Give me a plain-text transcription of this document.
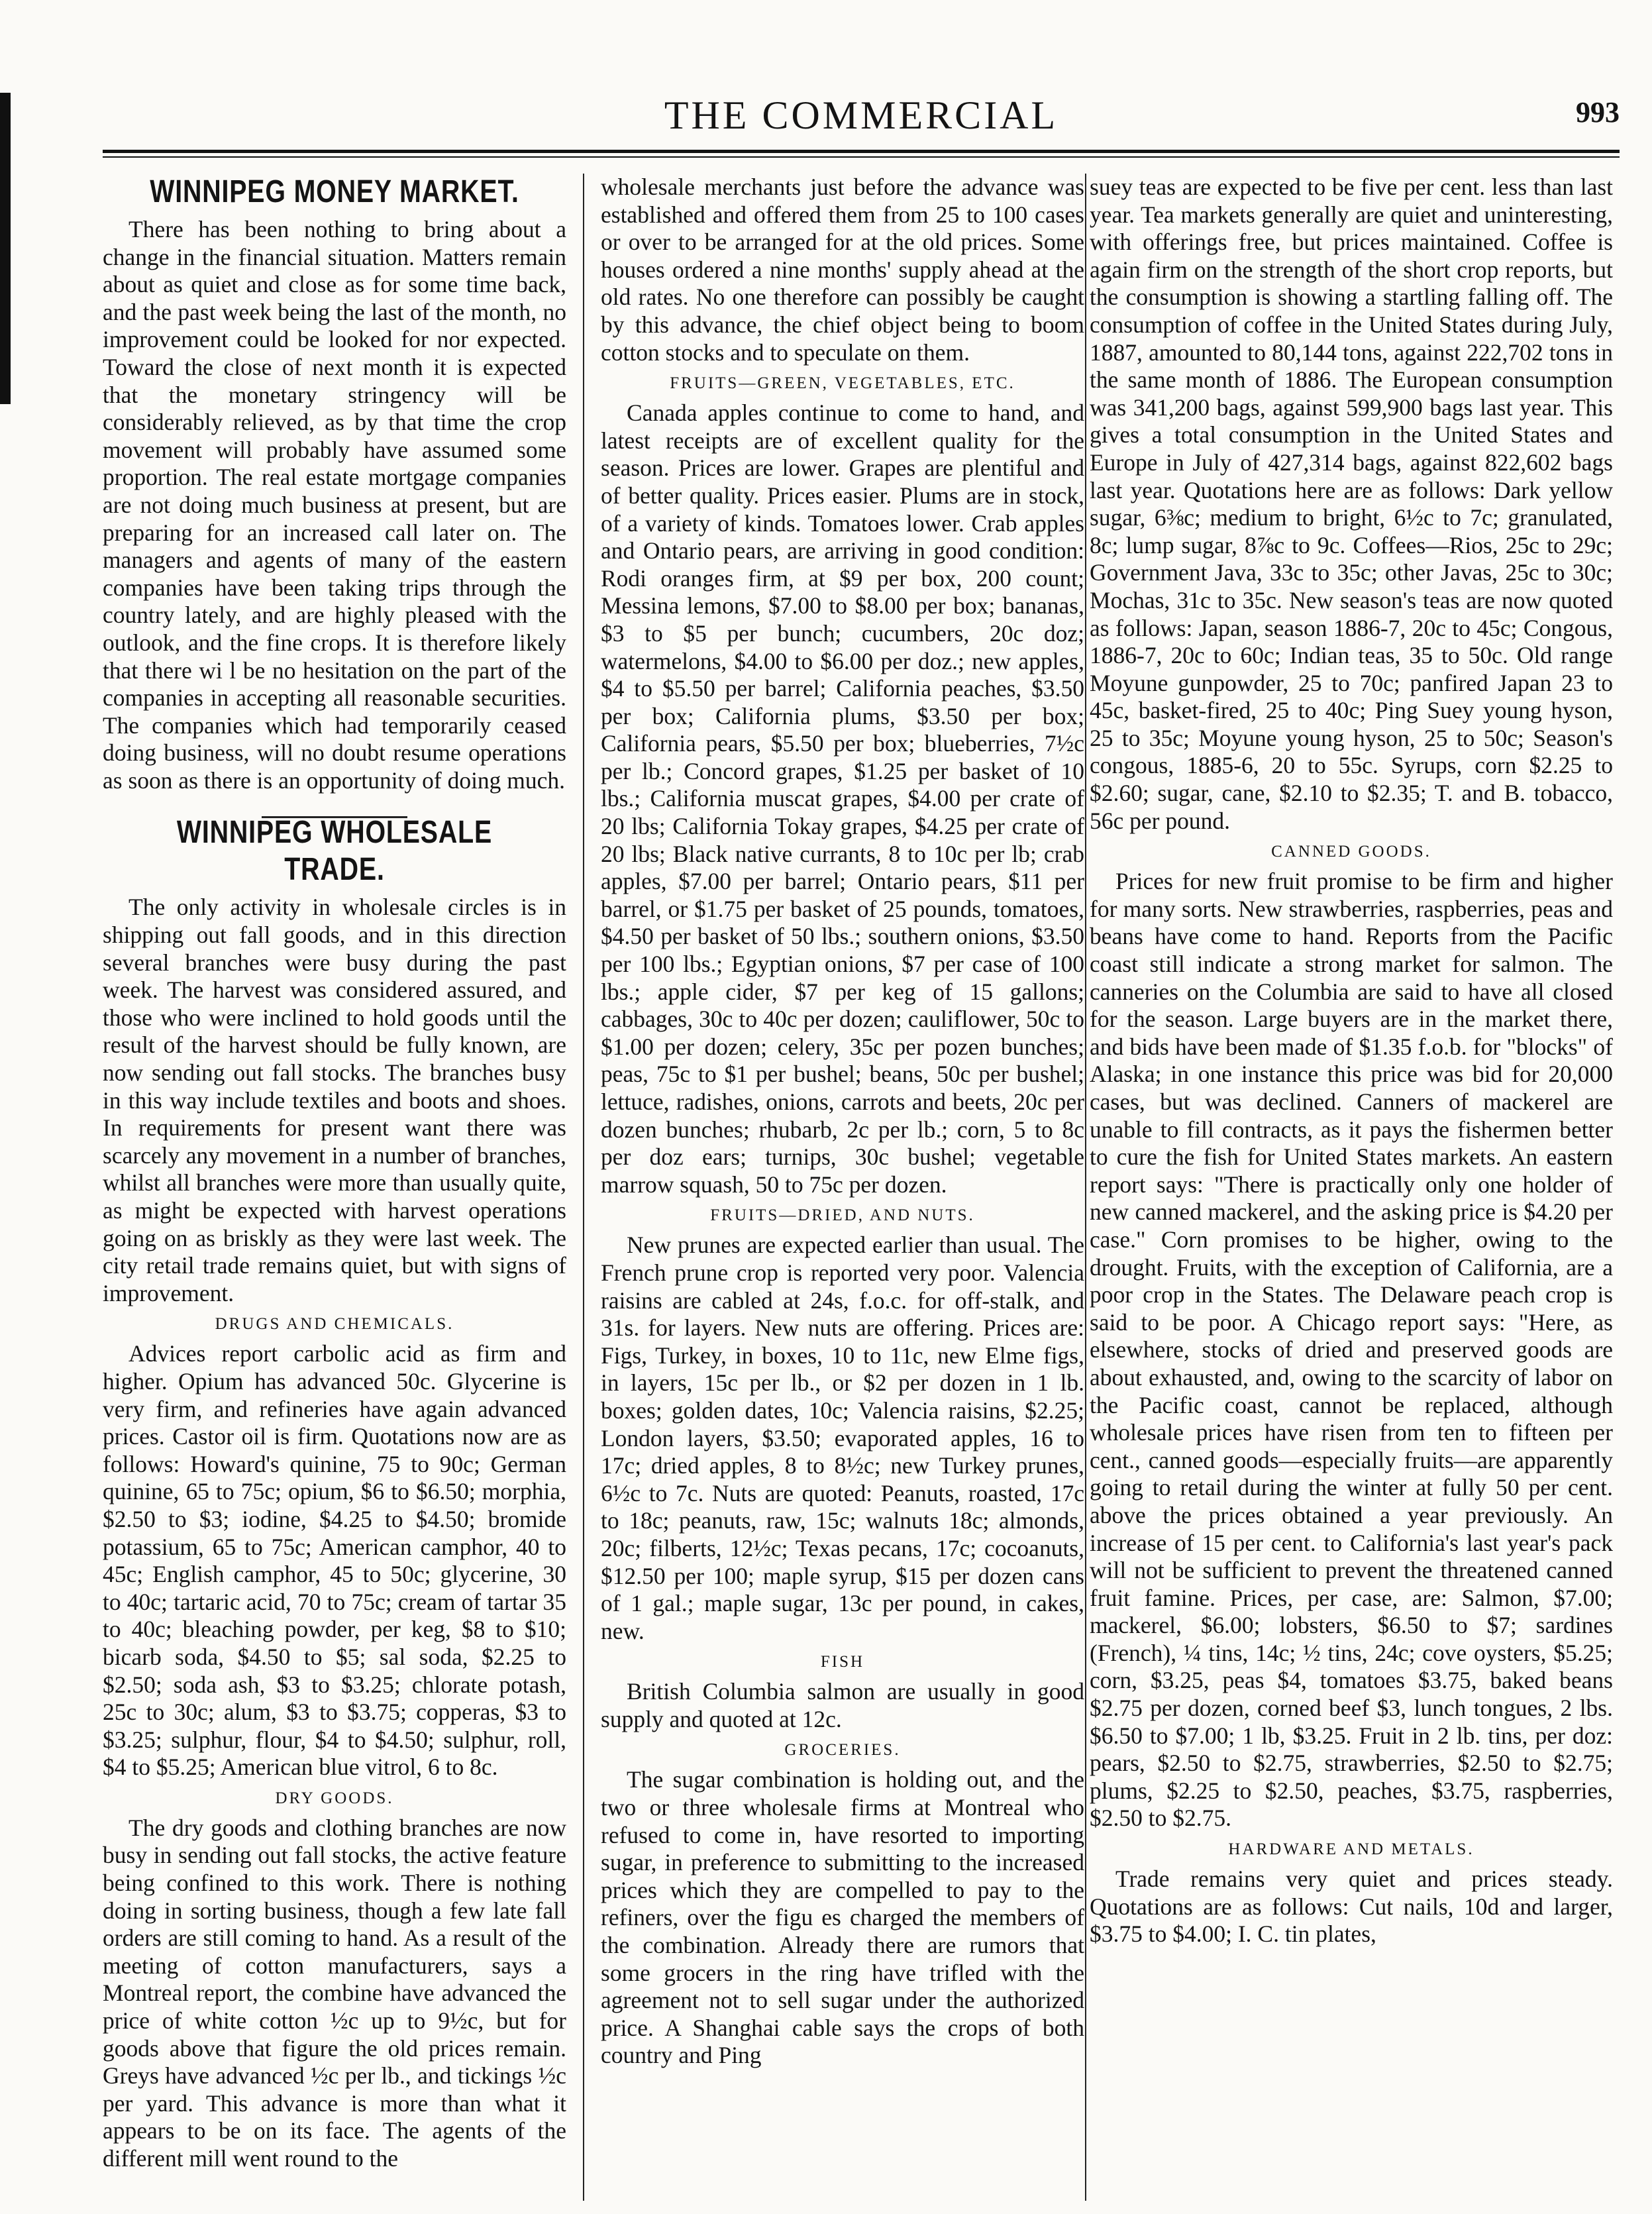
THE COMMERCIAL	993
WINNIPEG MONEY MARKET.

There has been nothing to bring about a change in the financial situation. Matters remain about as quiet and close as for some time back, and the past week being the last of the month, no improvement could be looked for nor expected. Toward the close of next month it is expected that the monetary stringency will be considerably relieved, as by that time the crop movement will probably have assumed some proportion. The real estate mortgage companies are not doing much business at present, but are preparing for an increased call later on. The managers and agents of many of the eastern companies have been taking trips through the country lately, and are highly pleased with the outlook, and the fine crops. It is therefore likely that there wi l be no hesitation on the part of the companies in accepting all reasonable securities. The companies which had temporarily ceased doing business, will no doubt resume operations as soon as there is an opportunity of doing much.

WINNIPEG WHOLESALE TRADE.

The only activity in wholesale circles is in shipping out fall goods, and in this direction several branches were busy during the past week. The harvest was considered assured, and those who were inclined to hold goods until the result of the harvest should be fully known, are now sending out fall stocks. The branches busy in this way include textiles and boots and shoes. In requirements for present want there was scarcely any movement in a number of branches, whilst all branches were more than usually quite, as might be expected with harvest operations going on as briskly as they were last week. The city retail trade remains quiet, but with signs of improvement.

DRUGS AND CHEMICALS.

Advices report carbolic acid as firm and higher. Opium has advanced 50c. Glycerine is very firm, and refineries have again advanced prices. Castor oil is firm. Quotations now are as follows: Howard's quinine, 75 to 90c; German quinine, 65 to 75c; opium, $6 to $6.50; morphia, $2.50 to $3; iodine, $4.25 to $4.50; bromide potassium, 65 to 75c; American camphor, 40 to 45c; English camphor, 45 to 50c; glycerine, 30 to 40c; tartaric acid, 70 to 75c; cream of tartar 35 to 40c; bleaching powder, per keg, $8 to $10; bicarb soda, $4.50 to $5; sal soda, $2.25 to $2.50; soda ash, $3 to $3.25; chlorate potash, 25c to 30c; alum, $3 to $3.75; copperas, $3 to $3.25; sulphur, flour, $4 to $4.50; sulphur, roll, $4 to $5.25; American blue vitrol, 6 to 8c.

DRY GOODS.

The dry goods and clothing branches are now busy in sending out fall stocks, the active feature being confined to this work. There is nothing doing in sorting business, though a few late fall orders are still coming to hand. As a result of the meeting of cotton manufacturers, says a Montreal report, the combine have advanced the price of white cotton ½c up to 9½c, but for goods above that figure the old prices remain. Greys have advanced ½c per lb., and tickings ½c per yard. This advance is more than what it appears to be on its face. The agents of the different mill went round to the

wholesale merchants just before the advance was established and offered them from 25 to 100 cases or over to be arranged for at the old prices. Some houses ordered a nine months' supply ahead at the old rates. No one therefore can possibly be caught by this advance, the chief object being to boom cotton stocks and to speculate on them.

FRUITS—GREEN, VEGETABLES, ETC.

Canada apples continue to come to hand, and latest receipts are of excellent quality for the season. Prices are lower. Grapes are plentiful and of better quality. Prices easier. Plums are in stock, of a variety of kinds. Tomatoes lower. Crab apples and Ontario pears, are arriving in good condition: Rodi oranges firm, at $9 per box, 200 count; Messina lemons, $7.00 to $8.00 per box; bananas, $3 to $5 per bunch; cucumbers, 20c doz; watermelons, $4.00 to $6.00 per doz.; new apples, $4 to $5.50 per barrel; California peaches, $3.50 per box; California plums, $3.50 per box; California pears, $5.50 per box; blueberries, 7½c per lb.; Concord grapes, $1.25 per basket of 10 lbs.; California muscat grapes, $4.00 per crate of 20 lbs; California Tokay grapes, $4.25 per crate of 20 lbs; Black native currants, 8 to 10c per lb; crab apples, $7.00 per barrel; Ontario pears, $11 per barrel, or $1.75 per basket of 25 pounds, tomatoes, $4.50 per basket of 50 lbs.; southern onions, $3.50 per 100 lbs.; Egyptian onions, $7 per case of 100 lbs.; apple cider, $7 per keg of 15 gallons; cabbages, 30c to 40c per dozen; cauliflower, 50c to $1.00 per dozen; celery, 35c per pozen bunches; peas, 75c to $1 per bushel; beans, 50c per bushel; lettuce, radishes, onions, carrots and beets, 20c per dozen bunches; rhubarb, 2c per lb.; corn, 5 to 8c per doz ears; turnips, 30c bushel; vegetable marrow squash, 50 to 75c per dozen.

FRUITS—DRIED, AND NUTS.

New prunes are expected earlier than usual. The French prune crop is reported very poor. Valencia raisins are cabled at 24s, f.o.c. for off-stalk, and 31s. for layers. New nuts are offering. Prices are: Figs, Turkey, in boxes, 10 to 11c, new Elme figs, in layers, 15c per lb., or $2 per dozen in 1 lb. boxes; golden dates, 10c; Valencia raisins, $2.25; London layers, $3.50; evaporated apples, 16 to 17c; dried apples, 8 to 8½c; new Turkey prunes, 6½c to 7c. Nuts are quoted: Peanuts, roasted, 17c to 18c; peanuts, raw, 15c; walnuts 18c; almonds, 20c; filberts, 12½c; Texas pecans, 17c; cocoanuts, $12.50 per 100; maple syrup, $15 per dozen cans of 1 gal.; maple sugar, 13c per pound, in cakes, new.

FISH

British Columbia salmon are usually in good supply and quoted at 12c.

GROCERIES.

The sugar combination is holding out, and the two or three wholesale firms at Montreal who refused to come in, have resorted to importing sugar, in preference to submitting to the increased prices which they are compelled to pay to the refiners, over the figu es charged the members of the combination. Already there are rumors that some grocers in the ring have trifled with the agreement not to sell sugar under the authorized price. A Shanghai cable says the crops of both country and Ping

suey teas are expected to be five per cent. less than last year. Tea markets generally are quiet and uninteresting, with offerings free, but prices maintained. Coffee is again firm on the strength of the short crop reports, but the consumption is showing a startling falling off. The consumption of coffee in the United States during July, 1887, amounted to 80,144 tons, against 222,702 tons in the same month of 1886. The European consumption was 341,200 bags, against 599,900 bags last year. This gives a total consumption in the United States and Europe in July of 427,314 bags, against 822,602 bags last year. Quotations here are as follows: Dark yellow sugar, 6⅜c; medium to bright, 6½c to 7c; granulated, 8c; lump sugar, 8⅞c to 9c. Coffees—Rios, 25c to 29c; Government Java, 33c to 35c; other Javas, 25c to 30c; Mochas, 31c to 35c. New season's teas are now quoted as follows: Japan, season 1886-7, 20c to 45c; Congous, 1886-7, 20c to 60c; Indian teas, 35 to 50c. Old range Moyune gunpowder, 25 to 70c; panfired Japan 23 to 45c, basket-fired, 25 to 40c; Ping Suey young hyson, 25 to 35c; Moyune young hyson, 25 to 50c; Season's congous, 1885-6, 20 to 55c. Syrups, corn $2.25 to $2.60; sugar, cane, $2.10 to $2.35; T. and B. tobacco, 56c per pound.

CANNED GOODS.

Prices for new fruit promise to be firm and higher for many sorts. New strawberries, raspberries, peas and beans have come to hand. Reports from the Pacific coast still indicate a strong market for salmon. The canneries on the Columbia are said to have all closed for the season. Large buyers are in the market there, and bids have been made of $1.35 f.o.b. for "blocks" of Alaska; in one instance this price was bid for 20,000 cases, but was declined. Canners of mackerel are unable to fill contracts, as it pays the fishermen better to cure the fish for United States markets. An eastern report says: "There is practically only one holder of new canned mackerel, and the asking price is $4.20 per case." Corn promises to be higher, owing to the drought. Fruits, with the exception of California, are a poor crop in the States. The Delaware peach crop is said to be poor. A Chicago report says: "Here, as elsewhere, stocks of dried and preserved goods are about exhausted, and, owing to the scarcity of labor on the Pacific coast, cannot be replaced, although wholesale prices have risen from ten to fifteen per cent., canned goods—especially fruits—are apparently going to retail during the winter at fully 50 per cent. above the prices obtained a year previously. An increase of 15 per cent. to California's last year's pack will not be sufficient to prevent the threatened canned fruit famine. Prices, per case, are: Salmon, $7.00; mackerel, $6.00; lobsters, $6.50 to $7; sardines (French), ¼ tins, 14c; ½ tins, 24c; cove oysters, $5.25; corn, $3.25, peas $4, tomatoes $3.75, baked beans $2.75 per dozen, corned beef $3, lunch tongues, 2 lbs. $6.50 to $7.00; 1 lb, $3.25. Fruit in 2 lb. tins, per doz: pears, $2.50 to $2.75, strawberries, $2.50 to $2.75; plums, $2.25 to $2.50, peaches, $3.75, raspberries, $2.50 to $2.75.

HARDWARE AND METALS.

Trade remains very quiet and prices steady. Quotations are as follows: Cut nails, 10d and larger, $3.75 to $4.00; I. C. tin plates,
